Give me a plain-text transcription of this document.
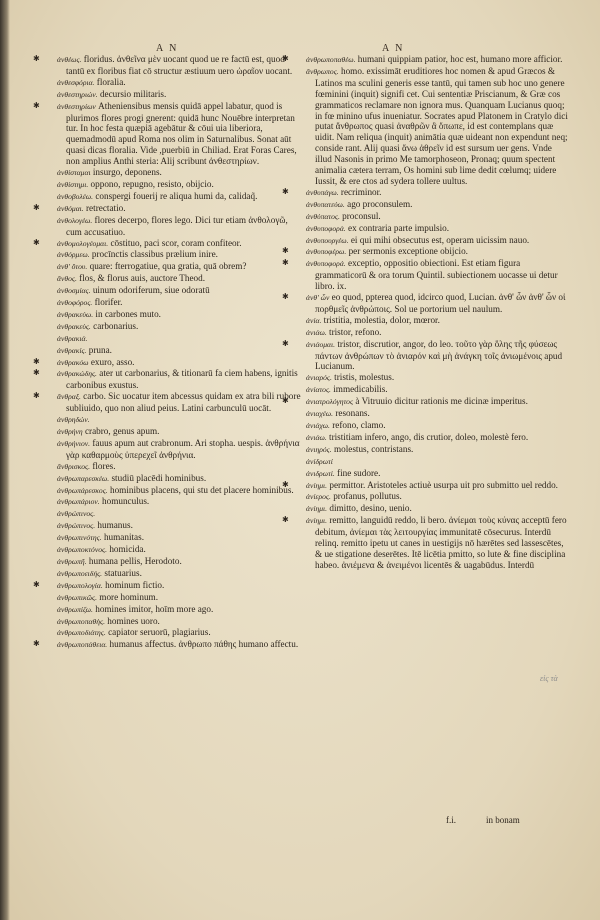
A N	A N

✱ ἀνθέως. floridus. ἀνθεῖνα μὲν uocant quod ue re factū est, quod tantū ex floribus fiat cō structur æstiuum uero ὠραῖον uocant.

ἀνθεσφόρια. floralia.

ἀνθεστηριών. decursio militaris.

✱ ἀνθεστηρίων Atheniensibus mensis quidā appel labatur, quod is plurimos flores progi gnerent: quidā hunc Nouēbre interpretan tur. In hoc festa quæpiā agebātur & cōui uia liberiora, quemadmodū apud Roma nos olim in Saturnalibus. Sonat aūt quasi dicas floralia. Vide ,puerbiū in Chiliad. Erat Foras Cares, non amplius Anthi steria: Alij scribunt ἀνθεστηρίων.

ἀνθίσταμαι insurgo, deponens.

ἀνθίστημι. oppono, repugno, resisto, obijcio.

ἀνθοβολέω. conspergi fouerij re aliqua humi da, calidaq̃.

✱ ἀνθόμαι. retrectatio.

ἀνθολογέω. flores decerpo, flores lego. Dici tur etiam ἀνθολογῶ, cum accusatiuo.

✱ ἀνθομολογέομαι. cōstituo, paci scor, coram confiteor.

ἀνθόρμεω. procīnctis classibus prælium inire.

ἀνθ' ὅτου. quare: fterrogatiue, qua gratia, quā obrem?

ἄνθος. flos, & florus auis, auctore Theod.

ἀνθοσμίας. uinum odoriferum, siue odoratū

ἀνθοφόρος. florifer.

ἀνθρακεύω. in carbones muto.

ἀνθρακεὺς. carbonarius.

ἀνθρακιά.

ἀνθρακίς. pruna.

✱ ἀνθρακόω exuro, asso.

✱ ἀνθρακώδης. ater ut carbonarius, & titionarū fa ciem habens, ignitis carbonibus exustus.

✱ ἄνθραξ. carbo. Sic uocatur item abcessus quidam ex atra bili rubore subliuido, quo non aliud peius. Latini carbunculū uocāt.

ἀνθρηδών.

ἀνθρήνη crabro, genus apum.

ἀνθρήνιον. fauus apum aut crabronum. Ari stopha. uespis. ἀνθρήνια γὰρ καθαρμοὺς ὑπερεχεῖ ἀνθρήνια.

ἄνθρισκος. flores.

ἀνθρωπαρεσκέω. studiū placēdi hominibus.

ἀνθρωπάρεσκος. hominibus placens, qui stu det placere hominibus.

ἀνθρωπάριον. homunculus.

ἀνθρώπινος.

ἀνθρώπινος. humanus.

ἀνθρωπινότης. humanitas.

ἀνθρωποκτόνος. homicida.

ἀνθρωπῆ. humana pellis, Herodoto.

ἀνθρωποειδής. statuarius.

✱ ἀνθρωπολογία. hominum fictio.

ἀνθρωπικῶς. more hominum.

ἀνθρωπίζω. homines imitor, hoīm more ago.

ἀνθρωποπαθὴς. homines uoro.

ἀνθρωποδιάτης. capiator seruorū, plagiarius.

✱ ἀνθρωποπάθεια. humanus affectus. ἀνθρωπο πάθης humano affectu.

✱ ἀνθρωποπαθέω. humani quippiam patior, hoc est, humano more afficior.

ἄνθρωπος. homo. exissimāt eruditiores hoc nomen & apud Græcos & Latinos ma sculini generis esse tantū, qui tamen sub hoc uno genere fœminini (inquit) signifi cet. Cui sententiæ Priscianum, & Græ cos grammaticos reclamare non ignora mus. Quanquam Lucianus quoq; in fœ minino ufus inueniatur. Socrates apud Platonem in Cratylo dici putat ἄνθρωπος quasi ἀναθρῶν ἃ ὄπωπε, id est contemplans quæ uidit. Nam reliqua (inquit) animātia quæ uideant non expendunt neq; conside rant. Alij quasi ἄνω ἀθρεῖν id est sursum uer gens. Vnde illud Nasonis in primo Me tamorphoseon, Pronaq; quum spectent animalia cætera terram, Os homini sub lime dedit cœlumq; uidere Iussit, & ere ctos ad sydera tollere uultus.

✱ ἀνθυπάγω. recriminor.

ἀνθυπατεύω. ago proconsulem.

ἀνθύπατος. proconsul.

ἀνθυποφορὰ. ex contraria parte impulsio.

ἀνθυπουργέω. ei qui mihi obsecutus est, operam uicissim nauo.

✱ ἀνθυποφέρω. per sermonis exceptione obijcio.

✱ ἀνθυποφορά. exceptio, oppositio obiectioni. Est etiam figura grammaticorū & ora torum Quintil. subiectionem uocasse ui detur libro. ix.

✱ ἀνθ' ὧν eo quod, ppterea quod, idcirco quod, Lucian. ἀνθ' ὧν ἀνθ' ὧν οἱ πορθμεῖς ἀνθρώποις. Sol ue portorium uel naulum.

ἀνία. tristitia, molestia, dolor, mœror.

ἀνιάω. tristor, refono.

✱ ἀνιάομαι. tristor, discrutior, angor, do leo. τοῦτο γὰρ ὅλης τῆς φύσεως πάντων ἀνθρώπων τὸ ἀνιαρόν καὶ μὴ ἀνάγκη τοῖς ἀνιωμένοις apud Lucianum.

ἀνιαρός. tristis, molestus.

ἀνίατος. immedicabilis.

✱ ἀνιατρολόγητος à Vitruuio dicitur rationis me dicinæ imperitus.

ἀνιαχέω. resonans.

ἀνιάχω. refono, clamo.

ἀνιάω. tristitiam infero, ango, dis crutior, doleo, molestè fero.

ἀνιηρός. molestus, contristans.

ἀνίδρωτί

ἀνιδρωτὶ. fine sudore.

✱ ἀνίημι. permittor. Aristoteles actiuè usurpa uit pro submitto uel reddo.

ἀνίερος. profanus, pollutus.

ἀνίημι. dimitto, desino, uenio.

✱ ἀνίημι. remitto, languidū reddo, li bero. ἀνίεμαι τοὺς κύνας acceptū fero debitum, ἀνίεμαι τὰς λειτουργίας immunitatē cōsecurus. Interdū relinq. remitto ipetu ut canes in uestigijs nō hærētes sed lassescētes, & ue stigatione deserētes. Itē licētia pmitto, so lute & fine disciplina habeo. ἀνιέμενα & ἀνειμένοι licentēs & uagabūdus. Interdū

εἰς τὰ
f.i.	in bonam
